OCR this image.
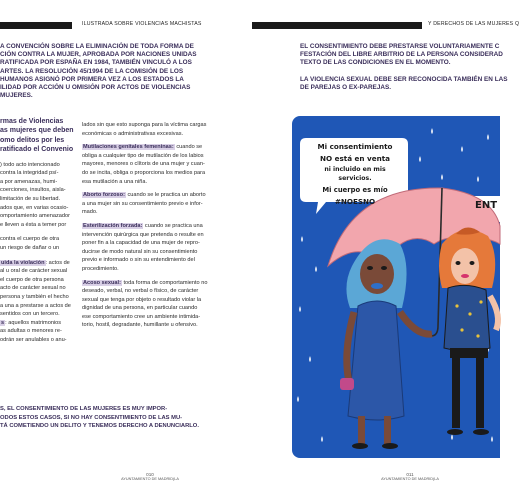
ILUSTRADA SOBRE VIOLENCIAS MACHISTAS	Y DERECHOS DE LAS MUJERES Q
A CONVENCIÓN SOBRE LA ELIMINACIÓN DE TODA FORMA DE
CIÓN CONTRA LA MUJER, APROBADA POR NACIONES UNIDAS
RATIFICADA POR ESPAÑA EN 1984, TAMBIÉN VINCULÓ A LOS
ARTES. LA RESOLUCIÓN 45/1994 DE LA COMISIÓN DE LOS
HUMANOS ASIGNÓ POR PRIMERA VEZ A LOS ESTADOS LA
ILIDAD POR ACCIÓN U OMISIÓN POR ACTOS DE VIOLENCIAS
MUJERES.
EL CONSENTIMIENTO DEBE PRESTARSE VOLUNTARIAMENTE C
FESTACIÓN DEL LIBRE ARBITRIO DE LA PERSONA CONSIDERAD
TEXTO DE LAS CONDICIONES EN EL MOMENTO.
LA VIOLENCIA SEXUAL DEBE SER RECONOCIDA TAMBIÉN EN LAS
DE PAREJAS O EX-PAREJAS.
rmas de Violencias
as mujeres que deben
omo delitos por les
ratificado el Convenio
) todo acto intencionado
contra la integridad psí-
a por amenazas, humi-
coerciones, insultos, aisla-
limitación de su libertad.
ados que, en varias ocasio-
omportamiento amenazador
e lleven a ésta a temer por
contra el cuerpo de otra
un riesgo de dañar o un
uida la violación: actos de
al u oral de carácter sexual
el cuerpo de otra persona
acto de carácter sexual no
persona y también el hecho
a una a prestarse a actos de
sentidos con un tercero.
s: aquellos matrimonios
as adultas o menores re-
odrán ser anulables o anu-
lados sin que esto suponga para la víctima cargas
económicas o administrativas excesivas.
Mutilaciones genitales femeninas: cuando se
obliga a cualquier tipo de mutilación de los labios
mayores, menores o clítoris de una mujer y cuan-
do se incita, obliga o proporciona los medios para
esa mutilación a una niña.
Aborto forzoso: cuando se le practica un aborto
a una mujer sin su consentimiento previo e infor-
mado.
Esterilización forzada: cuando se practica una
intervención quirúrgica que pretenda o resulte en
poner fin a la capacidad de una mujer de repro-
ducirse de modo natural sin su consentimiento
previo e informado o sin su entendimiento del
procedimiento.
Acoso sexual: toda forma de comportamiento no
deseado, verbal, no verbal o físico, de carácter
sexual que tenga por objeto o resultado violar la
dignidad de una persona, en particular cuando
ese comportamiento cree un ambiente intimida-
torio, hostil, degradante, humillante u ofensivo.
S, EL CONSENTIMIENTO DE LAS MUJERES ES MUY IMPOR-
ODOS ESTOS CASOS, SI NO HAY CONSENTIMIENTO DE LAS MU-
TÁ COMETIENDO UN DELITO Y TENEMOS DERECHO A DENUNCIARLO.
010
AYUNTAMIENTO DE MADRID(LA
011
AYUNTAMIENTO DE MADRID(LA
Mi consentimiento
NO está en venta
ni incluido en mis
servicios.
Mi cuerpo es mío
#NOESNO	ENT
